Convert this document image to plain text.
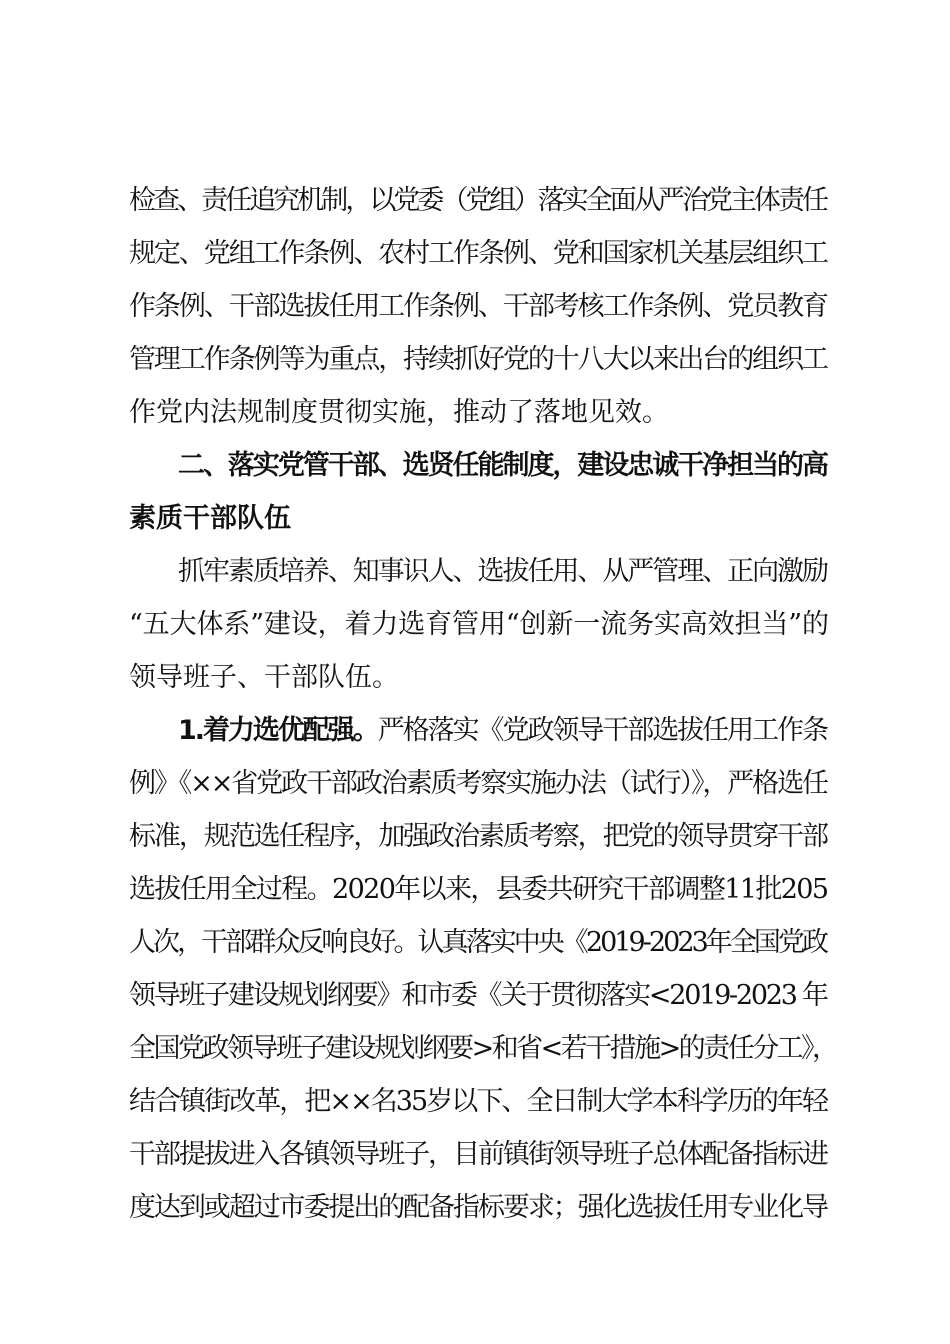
检查、责任追究机制，以党委（党组）落实全面从严治党主体责任
规定、党组工作条例、农村工作条例、党和国家机关基层组织工
作条例、干部选拔任用工作条例、干部考核工作条例、党员教育
管理工作条例等为重点，持续抓好党的十八大以来出台的组织工
作党内法规制度贯彻实施，推动了落地见效。
二、落实党管干部、选贤任能制度，建设忠诚干净担当的高
素质干部队伍
抓牢素质培养、知事识人、选拔任用、从严管理、正向激励
“五大体系”建设，着力选育管用“创新一流务实高效担当”的
领导班子、干部队伍。
1.着力选优配强。严格落实《党政领导干部选拔任用工作条
例》《××省党政干部政治素质考察实施办法（试行）》，严格选任
标准，规范选任程序，加强政治素质考察，把党的领导贯穿干部
选拔任用全过程。2020年以来，县委共研究干部调整11批205
人次，干部群众反响良好。认真落实中央《2019-2023年全国党政
领导班子建设规划纲要》和市委《关于贯彻落实<2019-2023 年
全国党政领导班子建设规划纲要>和省<若干措施>的责任分工》，
结合镇街改革，把××名35岁以下、全日制大学本科学历的年轻
干部提拔进入各镇领导班子，目前镇街领导班子总体配备指标进
度达到或超过市委提出的配备指标要求；强化选拔任用专业化导
